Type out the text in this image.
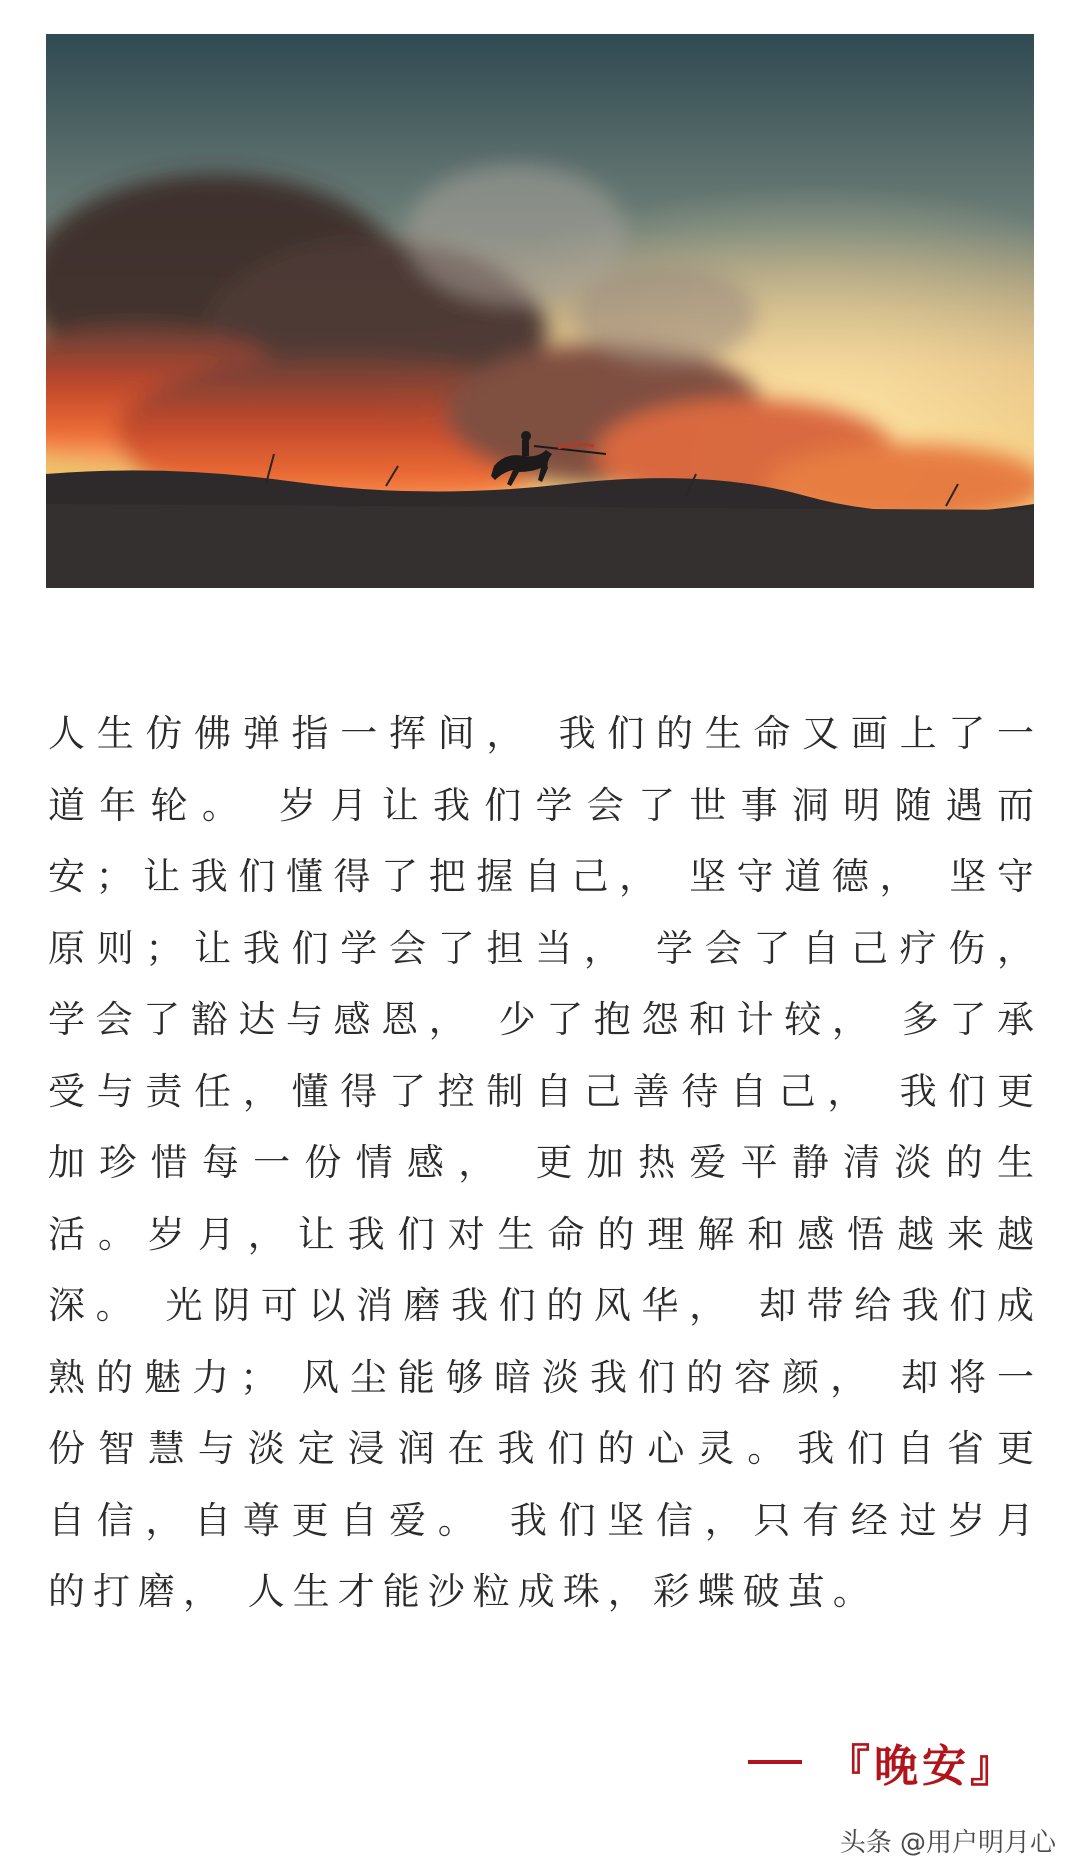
人生仿佛弹指一挥间， 我们的生命又画上了一
道年轮。 岁月让我们学会了世事洞明随遇而
安；让我们懂得了把握自己， 坚守道德， 坚守
原则；让我们学会了担当， 学会了自己疗伤，
学会了豁达与感恩， 少了抱怨和计较， 多了承
受与责任，懂得了控制自己善待自己， 我们更
加珍惜每一份情感， 更加热爱平静清淡的生
活。岁月，让我们对生命的理解和感悟越来越
深。 光阴可以消磨我们的风华， 却带给我们成
熟的魅力； 风尘能够暗淡我们的容颜， 却将一
份智慧与淡定浸润在我们的心灵。我们自省更
自信，自尊更自爱。 我们坚信，只有经过岁月
的打磨， 人生才能沙粒成珠，彩蝶破茧。
『晚安』
头条 @用户明月心
